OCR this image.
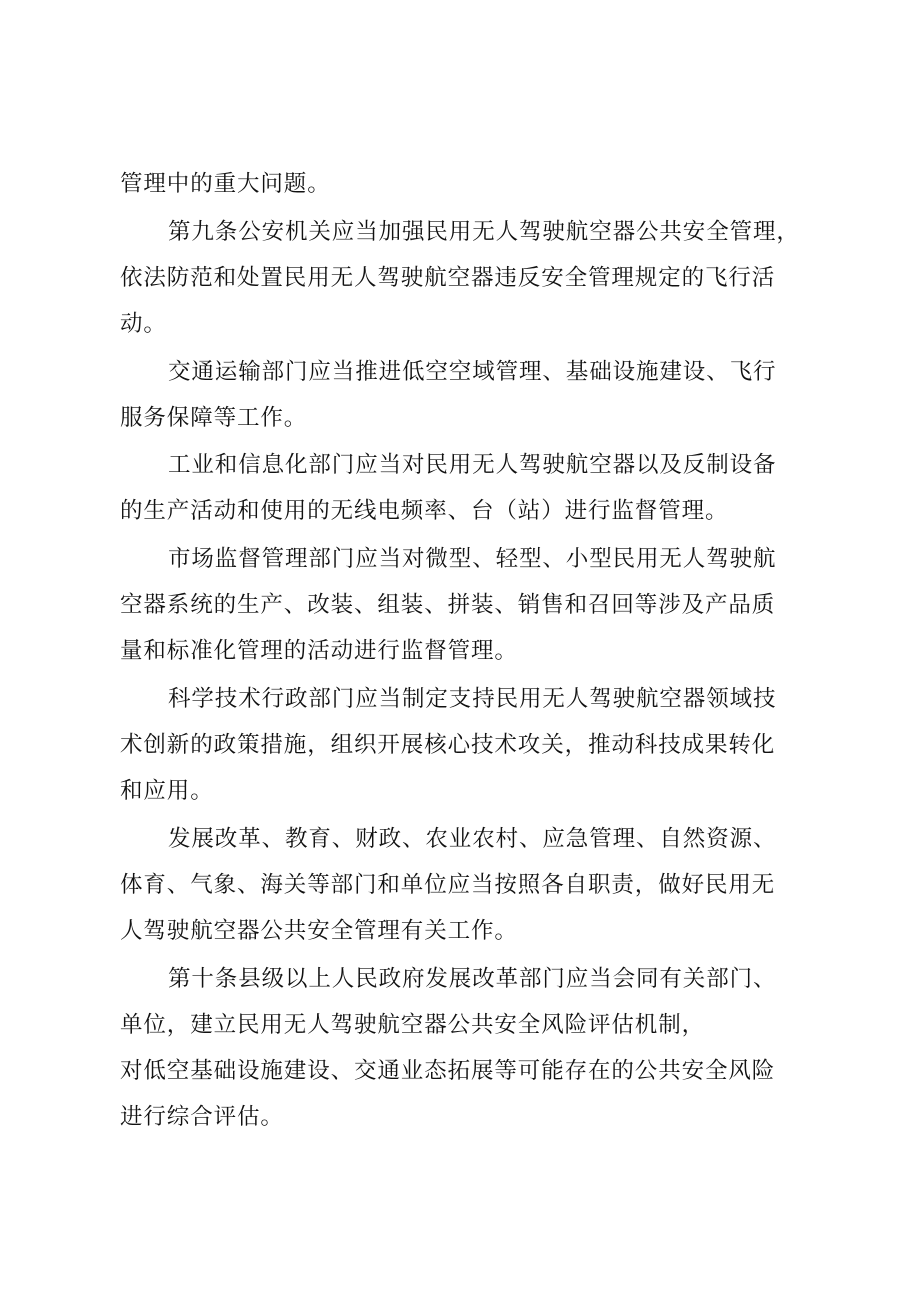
管理中的重大问题。
第九条公安机关应当加强民用无人驾驶航空器公共安全管理，
依法防范和处置民用无人驾驶航空器违反安全管理规定的飞行活
动。
交通运输部门应当推进低空空域管理、基础设施建设、飞行
服务保障等工作。
工业和信息化部门应当对民用无人驾驶航空器以及反制设备
的生产活动和使用的无线电频率、台（站）进行监督管理。
市场监督管理部门应当对微型、轻型、小型民用无人驾驶航
空器系统的生产、改装、组装、拼装、销售和召回等涉及产品质
量和标准化管理的活动进行监督管理。
科学技术行政部门应当制定支持民用无人驾驶航空器领域技
术创新的政策措施，组织开展核心技术攻关，推动科技成果转化
和应用。
发展改革、教育、财政、农业农村、应急管理、自然资源、
体育、气象、海关等部门和单位应当按照各自职责，做好民用无
人驾驶航空器公共安全管理有关工作。
第十条县级以上人民政府发展改革部门应当会同有关部门、
单位，建立民用无人驾驶航空器公共安全风险评估机制，
对低空基础设施建设、交通业态拓展等可能存在的公共安全风险
进行综合评估。
